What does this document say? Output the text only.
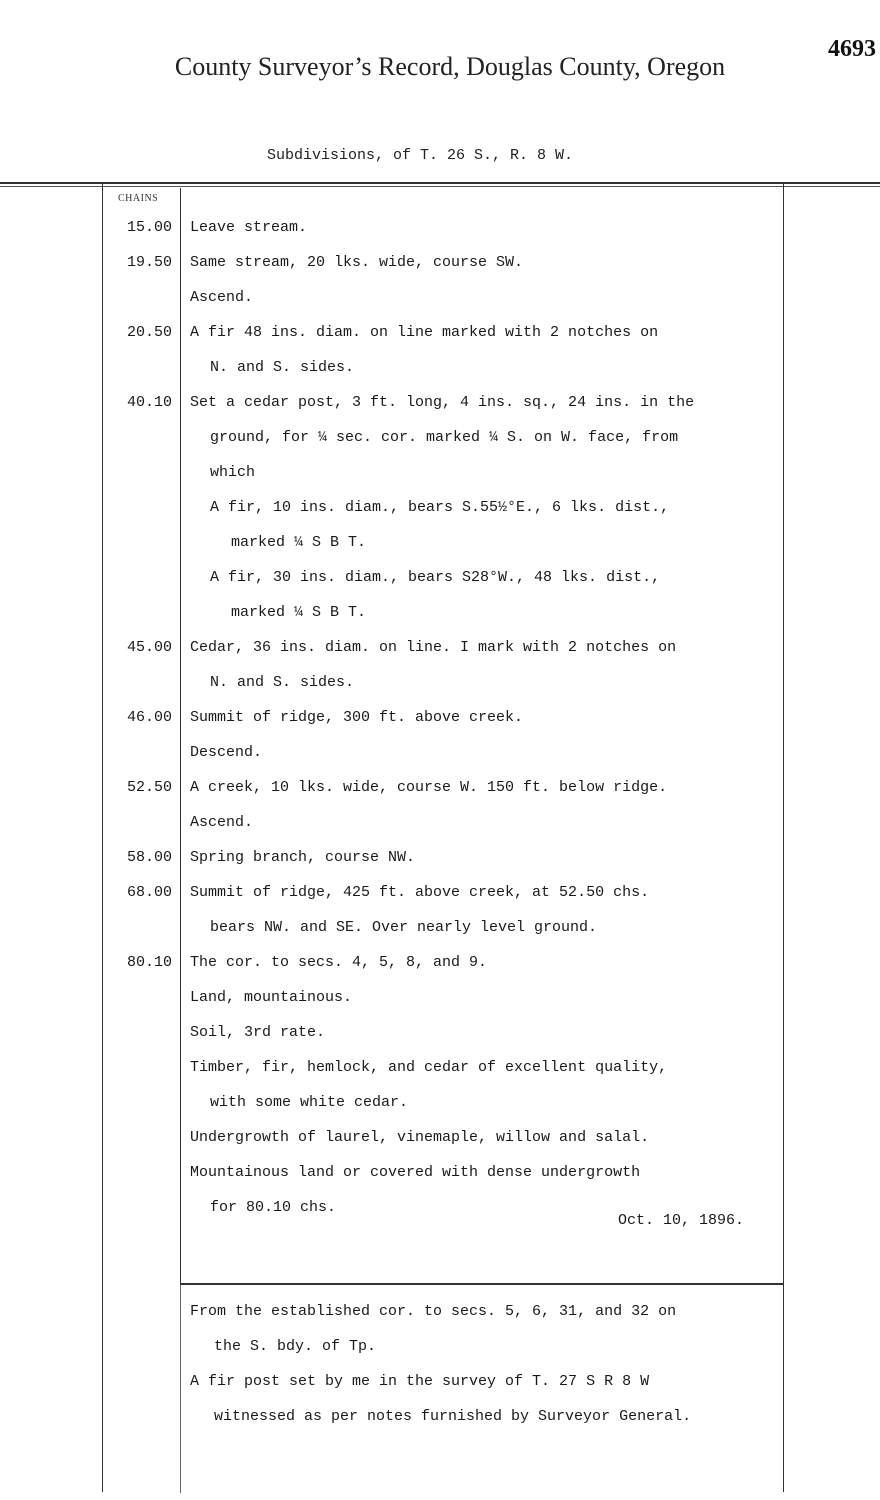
County Surveyor’s Record, Douglas County, Oregon
4693
Subdivisions, of T. 26 S., R. 8 W.
CHAINS
15.00 Leave stream.
19.50 Same stream, 20 lks. wide, course SW.
Ascend.
20.50 A fir 48 ins. diam. on line marked with 2 notches on
N. and S. sides.
40.10 Set a cedar post, 3 ft. long, 4 ins. sq., 24 ins. in the
ground, for ¼ sec. cor. marked ¼ S. on W. face, from
which
A fir, 10 ins. diam., bears S.55½°E., 6 lks. dist.,
marked ¼ S B T.
A fir, 30 ins. diam., bears S28°W., 48 lks. dist.,
marked ¼ S B T.
45.00 Cedar, 36 ins. diam. on line. I mark with 2 notches on
N. and S. sides.
46.00 Summit of ridge, 300 ft. above creek.
Descend.
52.50 A creek, 10 lks. wide, course W. 150 ft. below ridge.
Ascend.
58.00 Spring branch, course NW.
68.00 Summit of ridge, 425 ft. above creek, at 52.50 chs.
bears NW. and SE. Over nearly level ground.
80.10 The cor. to secs. 4, 5, 8, and 9.
Land, mountainous.
Soil, 3rd rate.
Timber, fir, hemlock, and cedar of excellent quality,
with some white cedar.
Undergrowth of laurel, vinemaple, willow and salal.
Mountainous land or covered with dense undergrowth
for 80.10 chs.
Oct. 10, 1896.
From the established cor. to secs. 5, 6, 31, and 32 on
the S. bdy. of Tp.
A fir post set by me in the survey of T. 27 S R 8 W
witnessed as per notes furnished by Surveyor General.
